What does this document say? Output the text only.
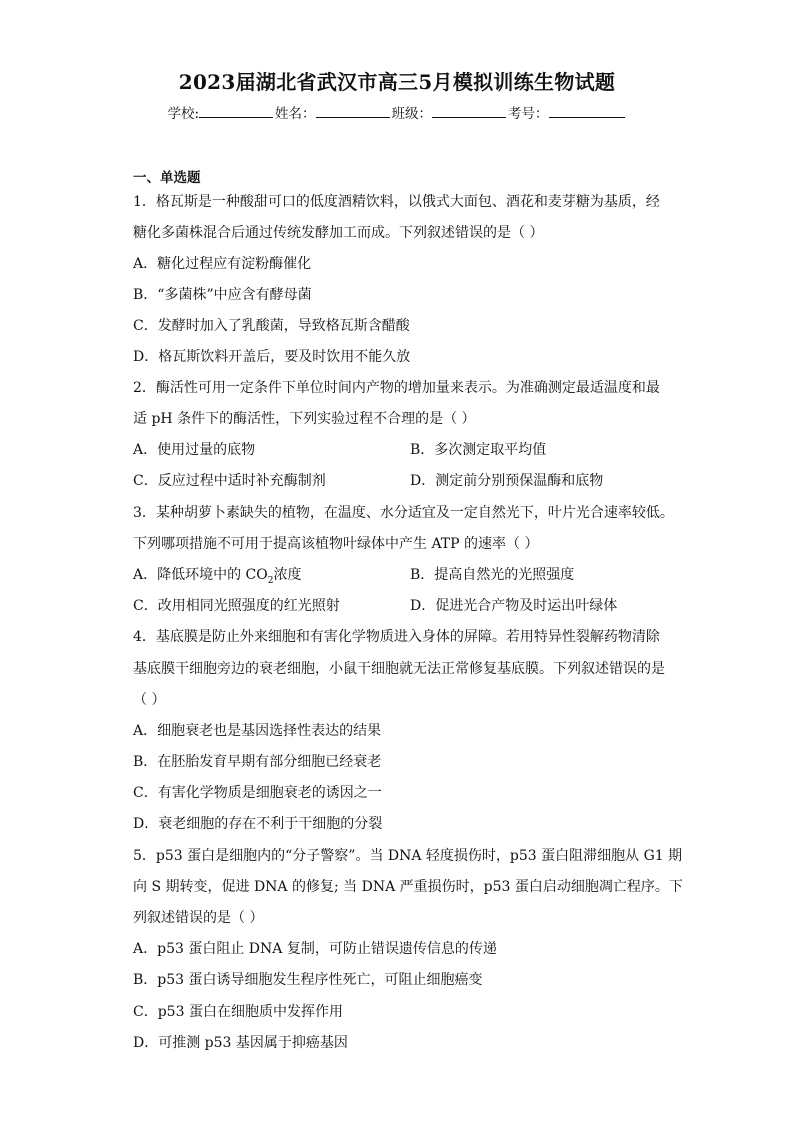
2023届湖北省武汉市高三5月模拟训练生物试题
学校:	姓名：	班级：	考号：
一、单选题
1．格瓦斯是一种酸甜可口的低度酒精饮料，以俄式大面包、酒花和麦芽糖为基质，经
糖化多菌株混合后通过传统发酵加工而成。下列叙述错误的是（ ）
A．糖化过程应有淀粉酶催化
B．“多菌株”中应含有酵母菌
C．发酵时加入了乳酸菌，导致格瓦斯含醋酸
D．格瓦斯饮料开盖后，要及时饮用不能久放
2．酶活性可用一定条件下单位时间内产物的增加量来表示。为准确测定最适温度和最
适 pH 条件下的酶活性，下列实验过程不合理的是（ ）
A．使用过量的底物	B．多次测定取平均值
C．反应过程中适时补充酶制剂	D．测定前分别预保温酶和底物
3．某种胡萝卜素缺失的植物，在温度、水分适宜及一定自然光下，叶片光合速率较低。
下列哪项措施不可用于提高该植物叶绿体中产生 ATP 的速率（ ）
A．降低环境中的 $CO_2$浓度	B．提高自然光的光照强度
C．改用相同光照强度的红光照射	D．促进光合产物及时运出叶绿体
4．基底膜是防止外来细胞和有害化学物质进入身体的屏障。若用特异性裂解药物清除
基底膜干细胞旁边的衰老细胞，小鼠干细胞就无法正常修复基底膜。下列叙述错误的是
（ ）
A．细胞衰老也是基因选择性表达的结果
B．在胚胎发育早期有部分细胞已经衰老
C．有害化学物质是细胞衰老的诱因之一
D．衰老细胞的存在不利于干细胞的分裂
5．p53 蛋白是细胞内的“分子警察”。当 DNA 轻度损伤时，p53 蛋白阻滞细胞从 G1 期
向 S 期转变，促进 DNA 的修复; 当 DNA 严重损伤时，p53 蛋白启动细胞凋亡程序。下
列叙述错误的是（ ）
A．p53 蛋白阻止 DNA 复制，可防止错误遗传信息的传递
B．p53 蛋白诱导细胞发生程序性死亡，可阻止细胞癌变
C．p53 蛋白在细胞质中发挥作用
D．可推测 p53 基因属于抑癌基因
